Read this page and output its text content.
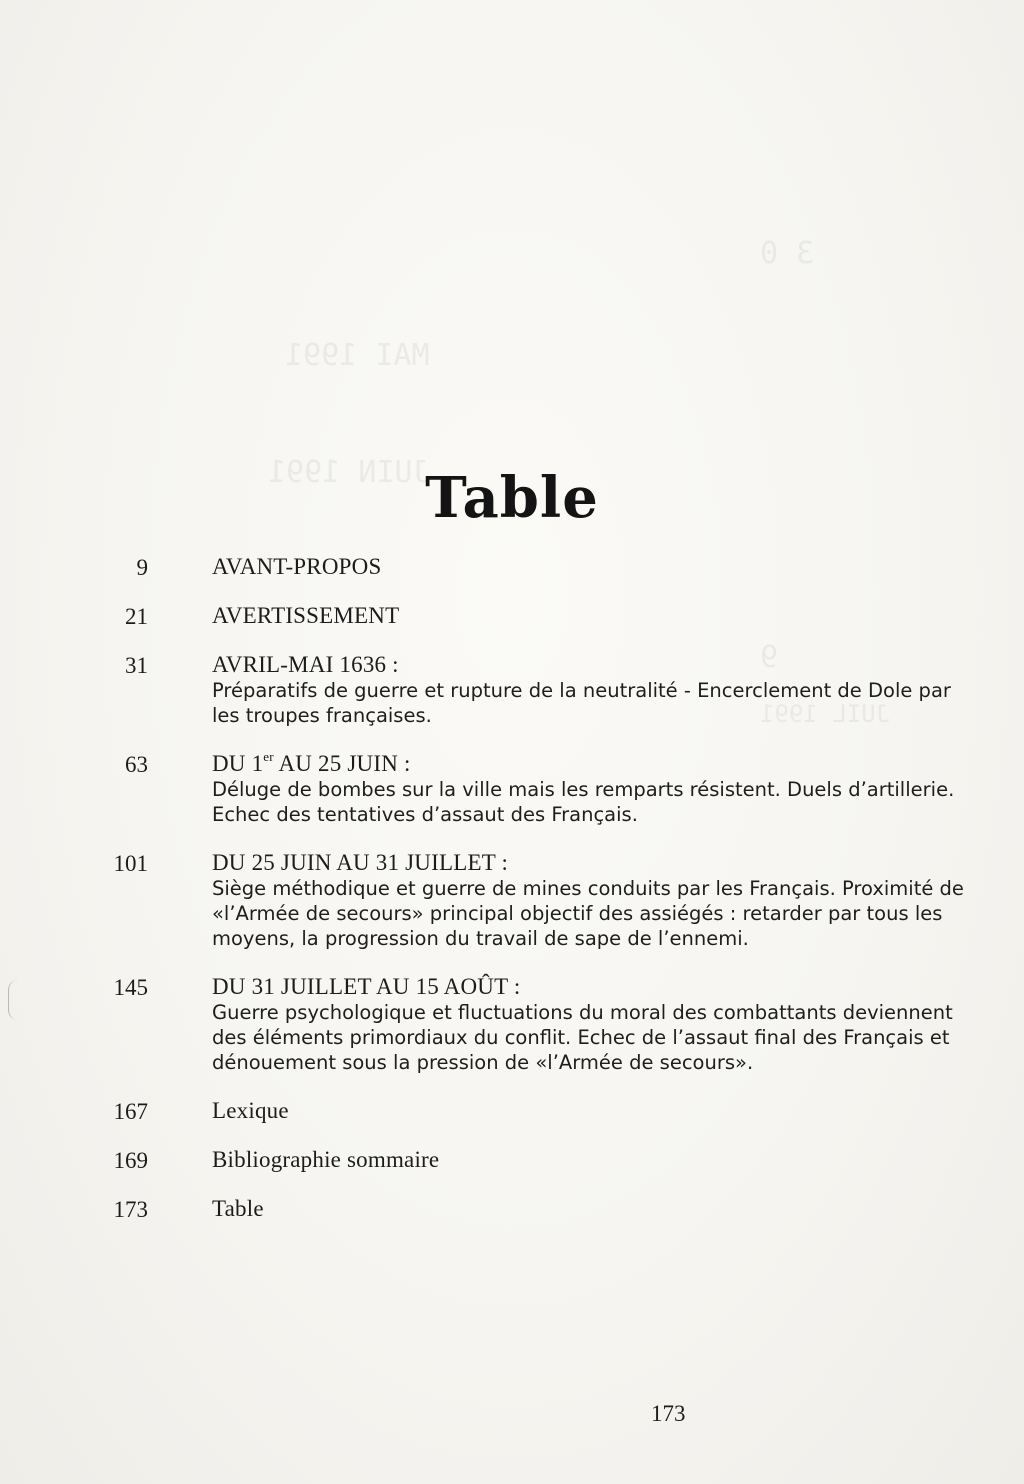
3 0
MAI 1991
JUIN 1991
9
JUIL 1991
Table
9	AVANT-PROPOS
21	AVERTISSEMENT
31	AVRIL-MAI 1636 :
Préparatifs de guerre et rupture de la neutralité - Encerclement de Dole par les troupes françaises.
63	DU 1er AU 25 JUIN :
Déluge de bombes sur la ville mais les remparts résistent. Duels d’artillerie. Echec des tentatives d’assaut des Français.
101	DU 25 JUIN AU 31 JUILLET :
Siège méthodique et guerre de mines conduits par les Français. Proximité de «l’Armée de secours» principal objectif des assiégés : retarder par tous les moyens, la progression du travail de sape de l’ennemi.
145	DU 31 JUILLET AU 15 AOÛT :
Guerre psychologique et fluctuations du moral des combattants deviennent des éléments primordiaux du conflit. Echec de l’assaut final des Français et dénouement sous la pression de «l’Armée de secours».
167	Lexique
169	Bibliographie sommaire
173	Table
173
